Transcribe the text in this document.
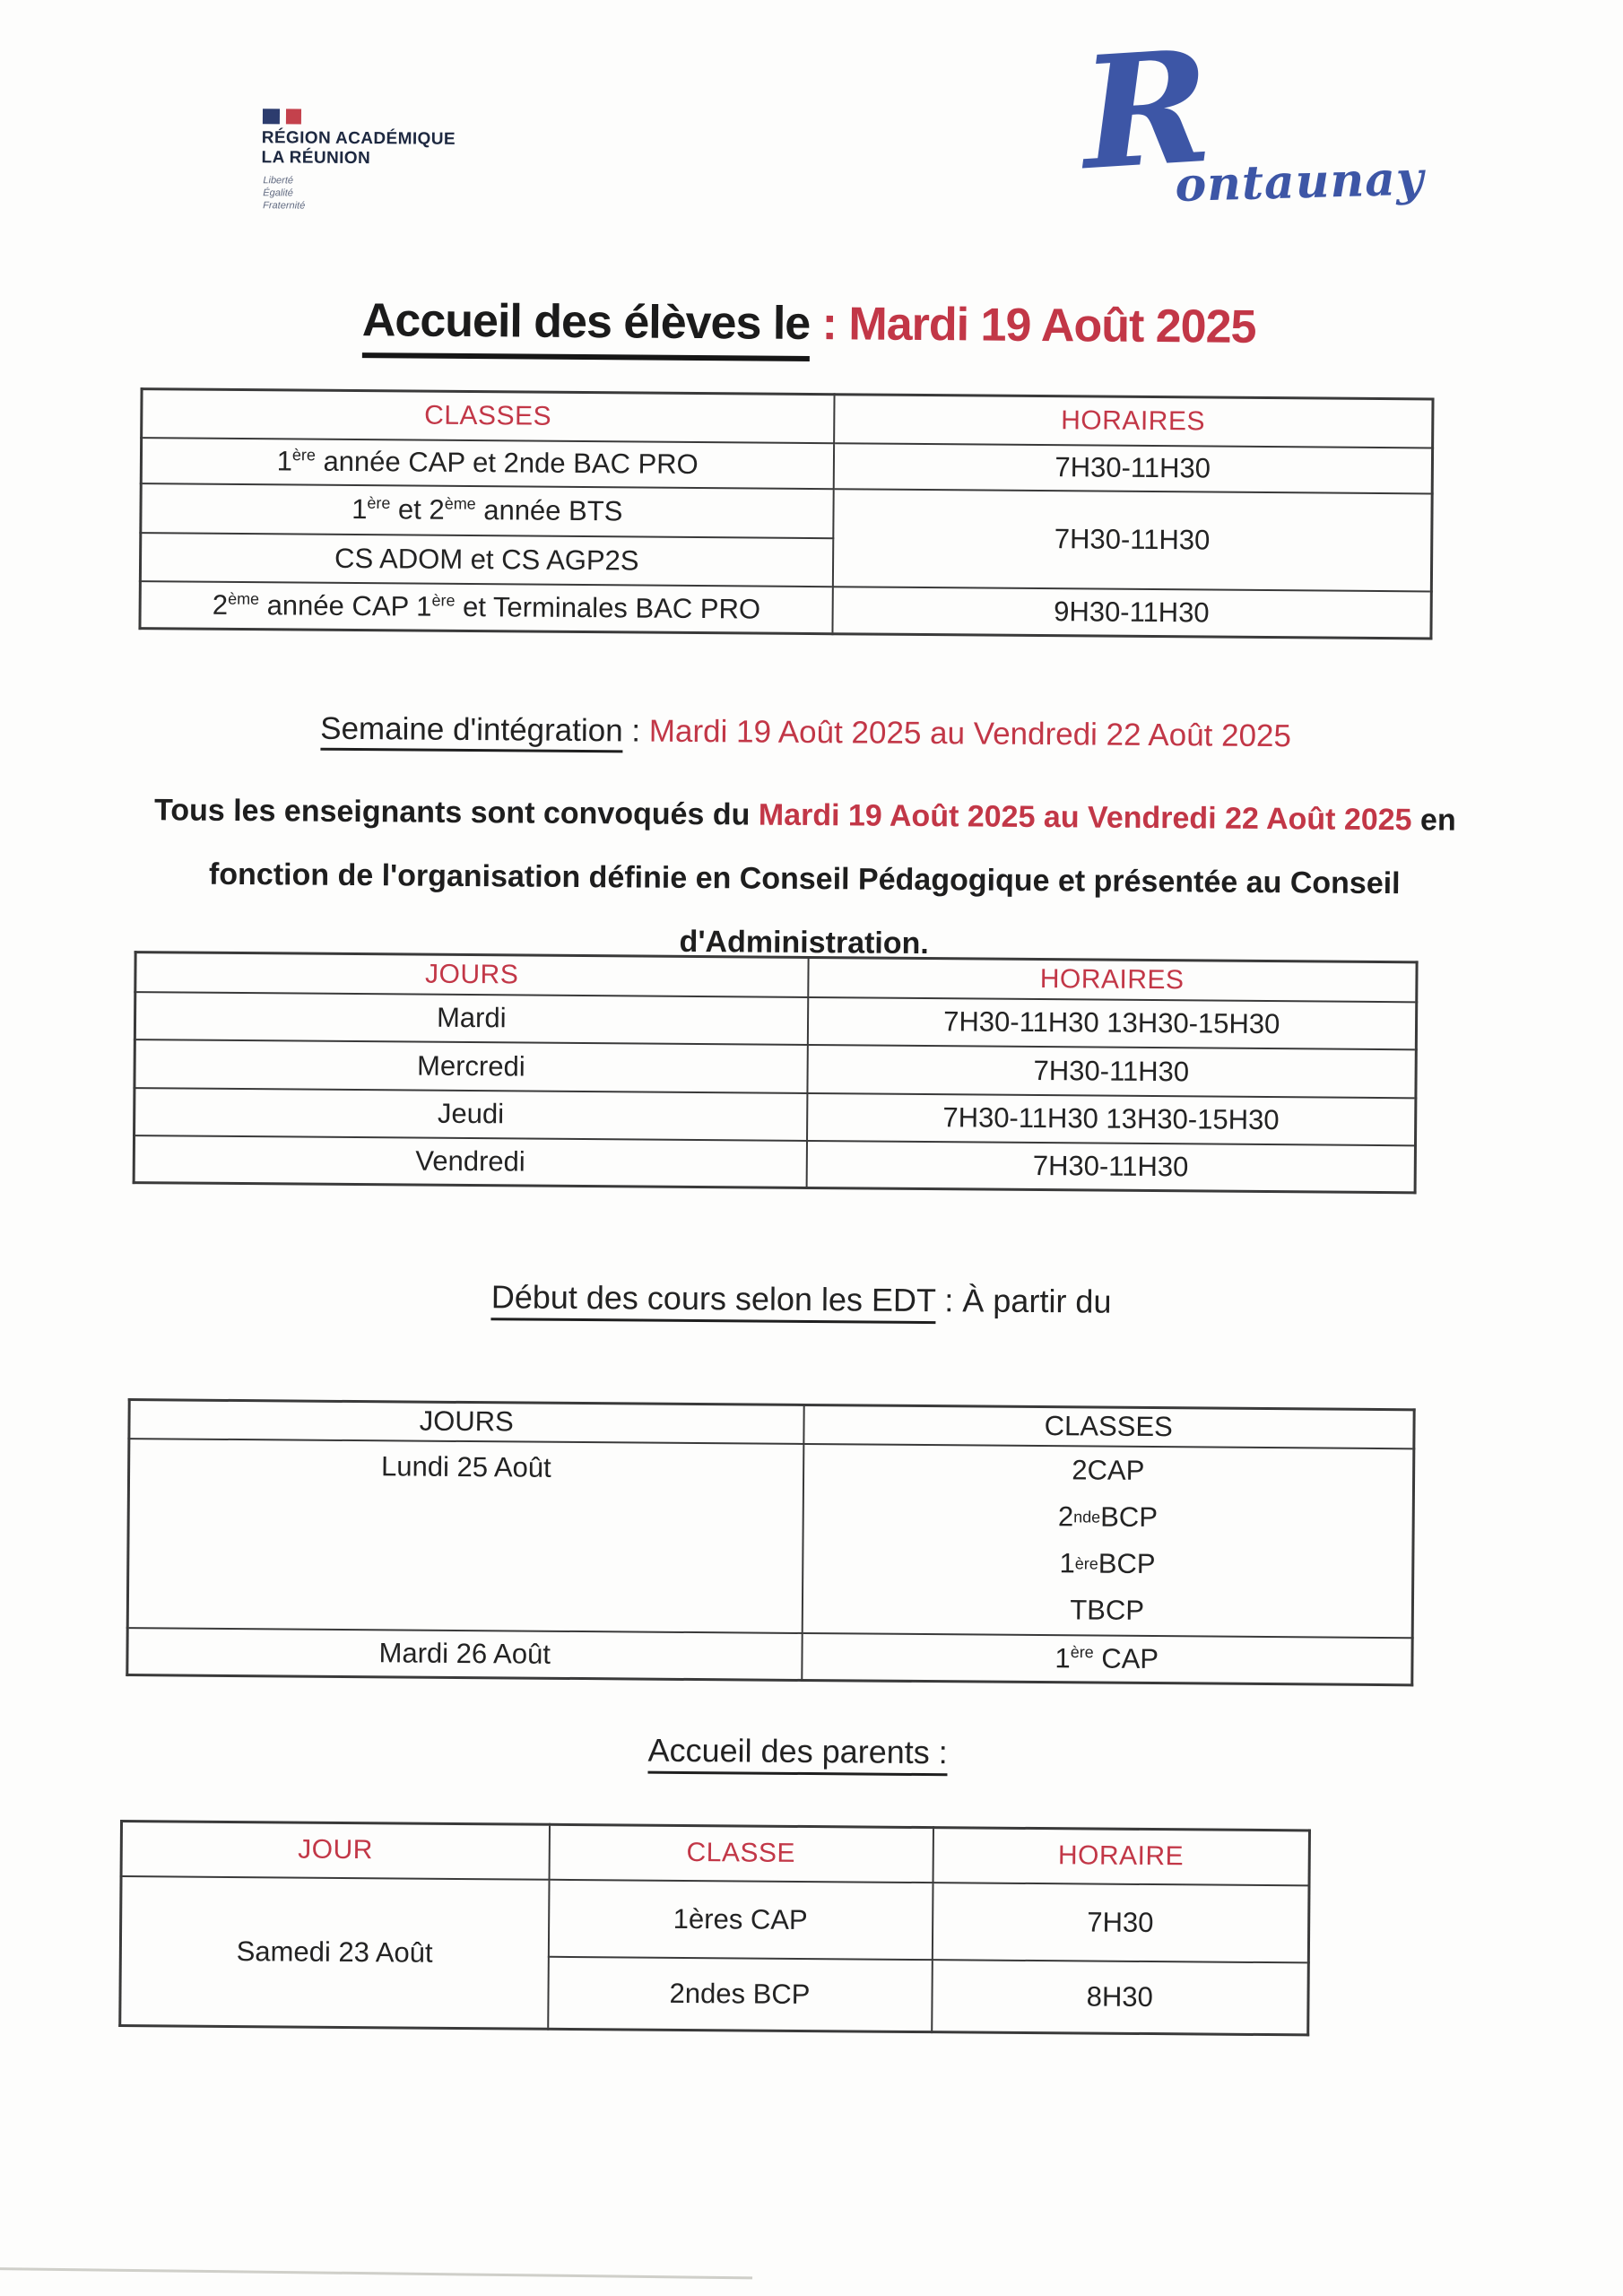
RÉGION ACADÉMIQUE
LA RÉUNION
Liberté
Égalité
Fraternité
R
ontaunay
Accueil des élèves le : Mardi 19 Août 2025
CLASSES	HORAIRES
1ère année CAP et 2nde BAC PRO	7H30-11H30
1ère et 2ème année BTS	7H30-11H30
CS ADOM et CS AGP2S	
2ème année CAP 1ère et Terminales BAC PRO	9H30-11H30
Semaine d'intégration : Mardi 19 Août 2025 au Vendredi 22 Août 2025
Tous les enseignants sont convoqués du Mardi 19 Août 2025 au Vendredi 22 Août 2025 en
fonction de l'organisation définie en Conseil Pédagogique et présentée au Conseil
d'Administration.
JOURS	HORAIRES
Mardi	7H30-11H30 13H30-15H30
Mercredi	7H30-11H30
Jeudi	7H30-11H30 13H30-15H30
Vendredi	7H30-11H30
Début des cours selon les EDT : À partir du
JOURS	CLASSES
Lundi 25 Août	2CAP
2 nde BCP
1 ère BCP
TBCP

Mardi 26 Août	1ère CAP
Accueil des parents :
JOUR	CLASSE	HORAIRE
Samedi 23 Août	1ères CAP	7H30
	2ndes BCP	8H30
